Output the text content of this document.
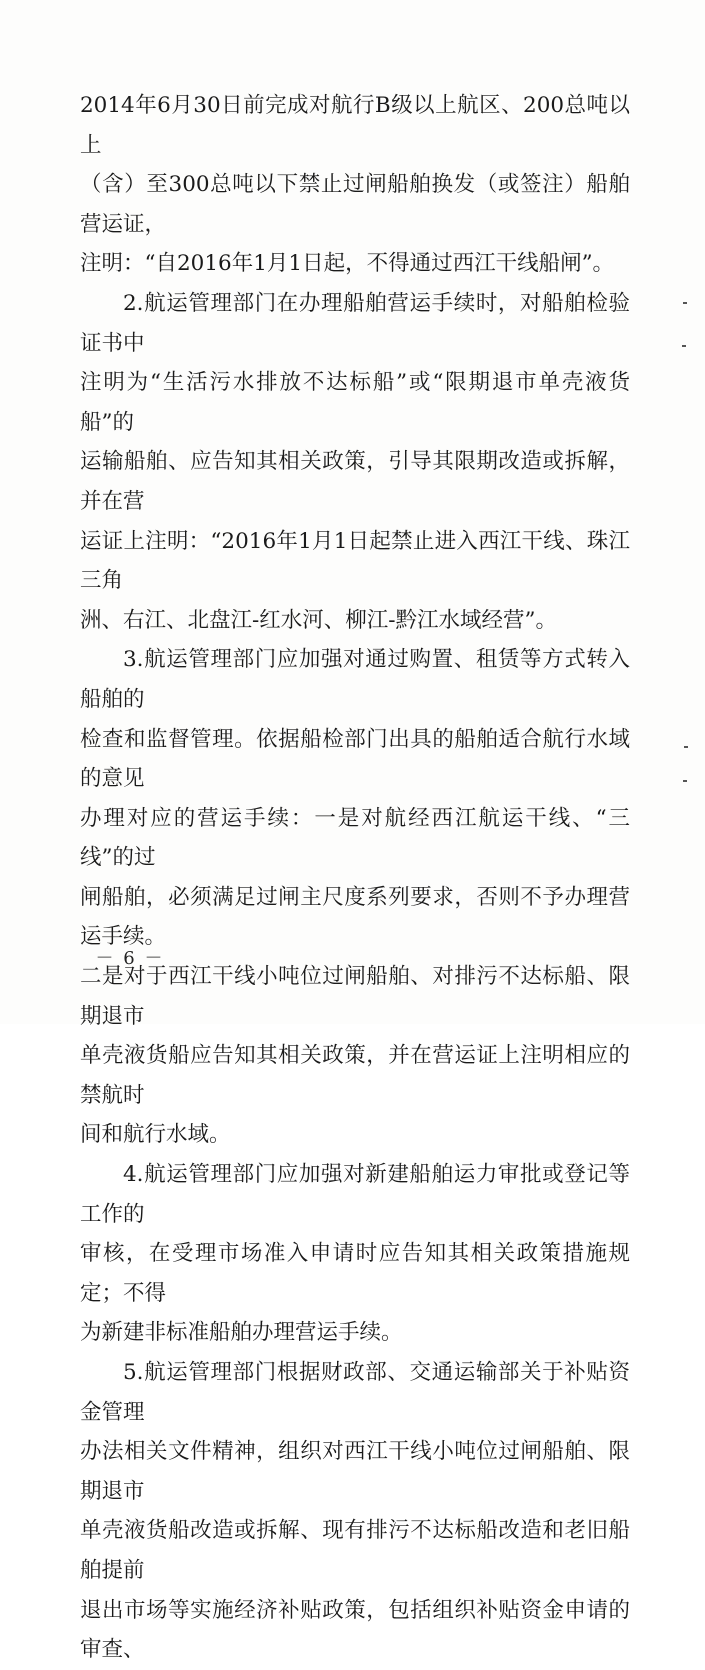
2014年6月30日前完成对航行B级以上航区、200总吨以上
（含）至300总吨以下禁止过闸船舶换发（或签注）船舶营运证，
注明：“自2016年1月1日起，不得通过西江干线船闸”。

2.航运管理部门在办理船舶营运手续时，对船舶检验证书中
注明为“生活污水排放不达标船”或“限期退市单壳液货船”的
运输船舶、应告知其相关政策，引导其限期改造或拆解，并在营
运证上注明：“2016年1月1日起禁止进入西江干线、珠江三角
洲、右江、北盘江-红水河、柳江-黔江水域经营”。

3.航运管理部门应加强对通过购置、租赁等方式转入船舶的
检查和监督管理。依据船检部门出具的船舶适合航行水域的意见
办理对应的营运手续：一是对航经西江航运干线、“三线”的过
闸船舶，必须满足过闸主尺度系列要求，否则不予办理营运手续。
二是对于西江干线小吨位过闸船舶、对排污不达标船、限期退市
单壳液货船应告知其相关政策，并在营运证上注明相应的禁航时
间和航行水域。

4.航运管理部门应加强对新建船舶运力审批或登记等工作的
审核，在受理市场准入申请时应告知其相关政策措施规定；不得
为新建非标准船舶办理营运手续。

5.航运管理部门根据财政部、交通运输部关于补贴资金管理
办法相关文件精神，组织对西江干线小吨位过闸船舶、限期退市
单壳液货船改造或拆解、现有排污不达标船改造和老旧船舶提前
退出市场等实施经济补贴政策，包括组织补贴资金申请的审查、

－ 6 －
